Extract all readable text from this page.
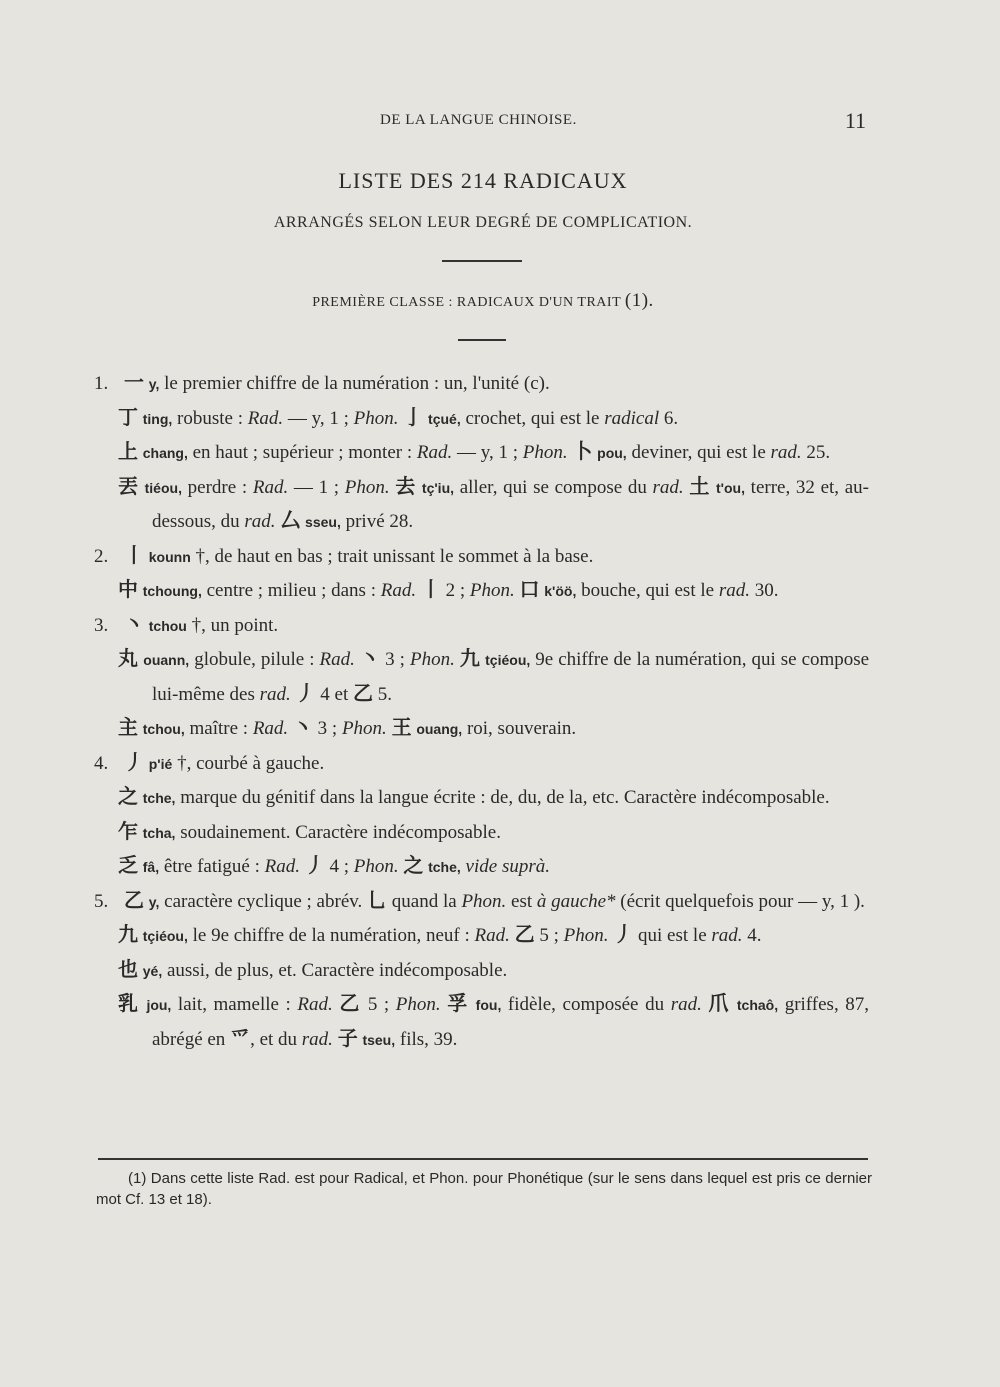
DE LA LANGUE CHINOISE.	11
LISTE DES 214 RADICAUX
ARRANGÉS SELON LEUR DEGRÉ DE COMPLICATION.
PREMIÈRE CLASSE : RADICAUX D'UN TRAIT (1).

1. 一 y, le premier chiffre de la numération : un, l'unité (c).

丁 ting, robuste : Rad. — y, 1 ; Phon. 亅 tçué, crochet, qui est le radical 6.

上 chang, en haut ; supérieur ; monter : Rad. — y, 1 ; Phon. 卜 pou, deviner, qui est le rad. 25.

丟 tiéou, perdre : Rad. — 1 ; Phon. 去 tç'iu, aller, qui se compose du rad. 土 t'ou, terre, 32 et, au-dessous, du rad. 厶 sseu, privé 28.

2. 丨 kounn †, de haut en bas ; trait unissant le sommet à la base.

中 tchoung, centre ; milieu ; dans : Rad. 丨 2 ; Phon. 口 k'öö, bouche, qui est le rad. 30.

3. 丶 tchou †, un point.

丸 ouann, globule, pilule : Rad. 丶 3 ; Phon. 九 tçiéou, 9e chiffre de la numération, qui se compose lui-même des rad. 丿 4 et 乙 5.

主 tchou, maître : Rad. 丶 3 ; Phon. 王 ouang, roi, souverain.

4. 丿 p'ié †, courbé à gauche.

之 tche, marque du génitif dans la langue écrite : de, du, de la, etc. Caractère indécomposable.

乍 tcha, soudainement. Caractère indécomposable.

乏 fâ, être fatigué : Rad. 丿 4 ; Phon. 之 tche, vide suprà.

5. 乙 y, caractère cyclique ; abrév. 乚 quand la Phon. est à gauche* (écrit quelquefois pour — y, 1 ).

九 tçiéou, le 9e chiffre de la numération, neuf : Rad. 乙 5 ; Phon. 丿 qui est le rad. 4.

也 yé, aussi, de plus, et. Caractère indécomposable.

乳 jou, lait, mamelle : Rad. 乙 5 ; Phon. 孚 fou, fidèle, composée du rad. 爪 tchaô, griffes, 87, abrégé en 爫, et du rad. 子 tseu, fils, 39.

(1) Dans cette liste Rad. est pour Radical, et Phon. pour Phonétique (sur le sens dans lequel est pris ce dernier mot Cf. 13 et 18).
